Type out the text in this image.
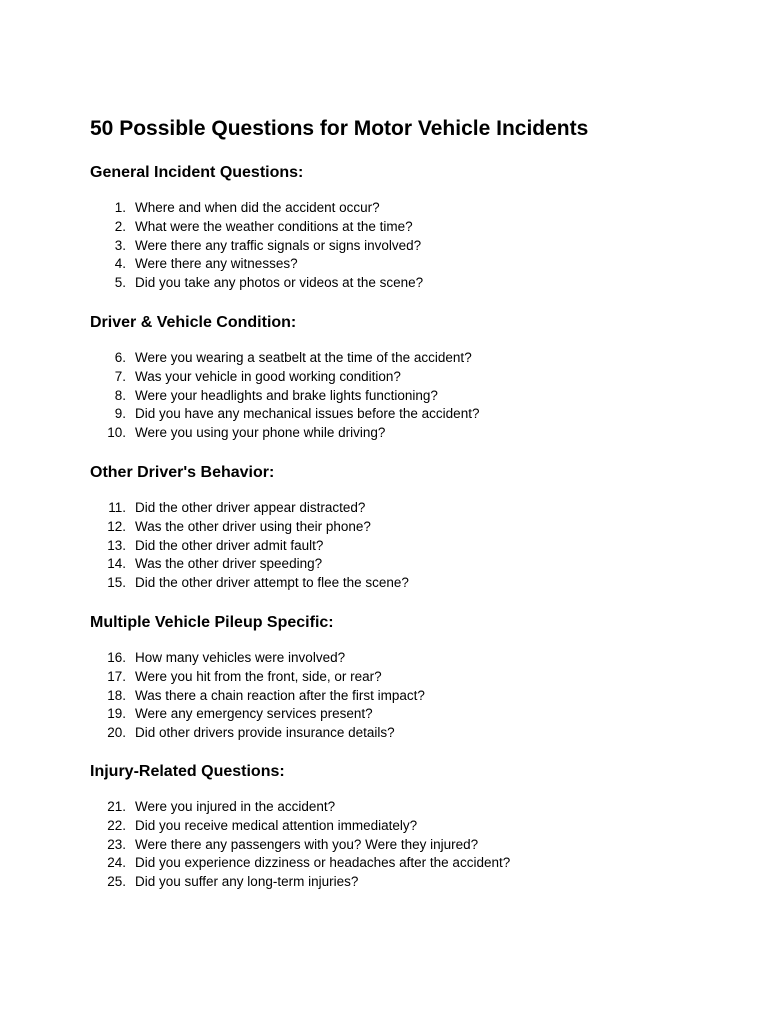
50 Possible Questions for Motor Vehicle Incidents
General Incident Questions:
1. Where and when did the accident occur?
2. What were the weather conditions at the time?
3. Were there any traffic signals or signs involved?
4. Were there any witnesses?
5. Did you take any photos or videos at the scene?
Driver & Vehicle Condition:
6. Were you wearing a seatbelt at the time of the accident?
7. Was your vehicle in good working condition?
8. Were your headlights and brake lights functioning?
9. Did you have any mechanical issues before the accident?
10. Were you using your phone while driving?
Other Driver's Behavior:
11. Did the other driver appear distracted?
12. Was the other driver using their phone?
13. Did the other driver admit fault?
14. Was the other driver speeding?
15. Did the other driver attempt to flee the scene?
Multiple Vehicle Pileup Specific:
16. How many vehicles were involved?
17. Were you hit from the front, side, or rear?
18. Was there a chain reaction after the first impact?
19. Were any emergency services present?
20. Did other drivers provide insurance details?
Injury-Related Questions:
21. Were you injured in the accident?
22. Did you receive medical attention immediately?
23. Were there any passengers with you? Were they injured?
24. Did you experience dizziness or headaches after the accident?
25. Did you suffer any long-term injuries?
